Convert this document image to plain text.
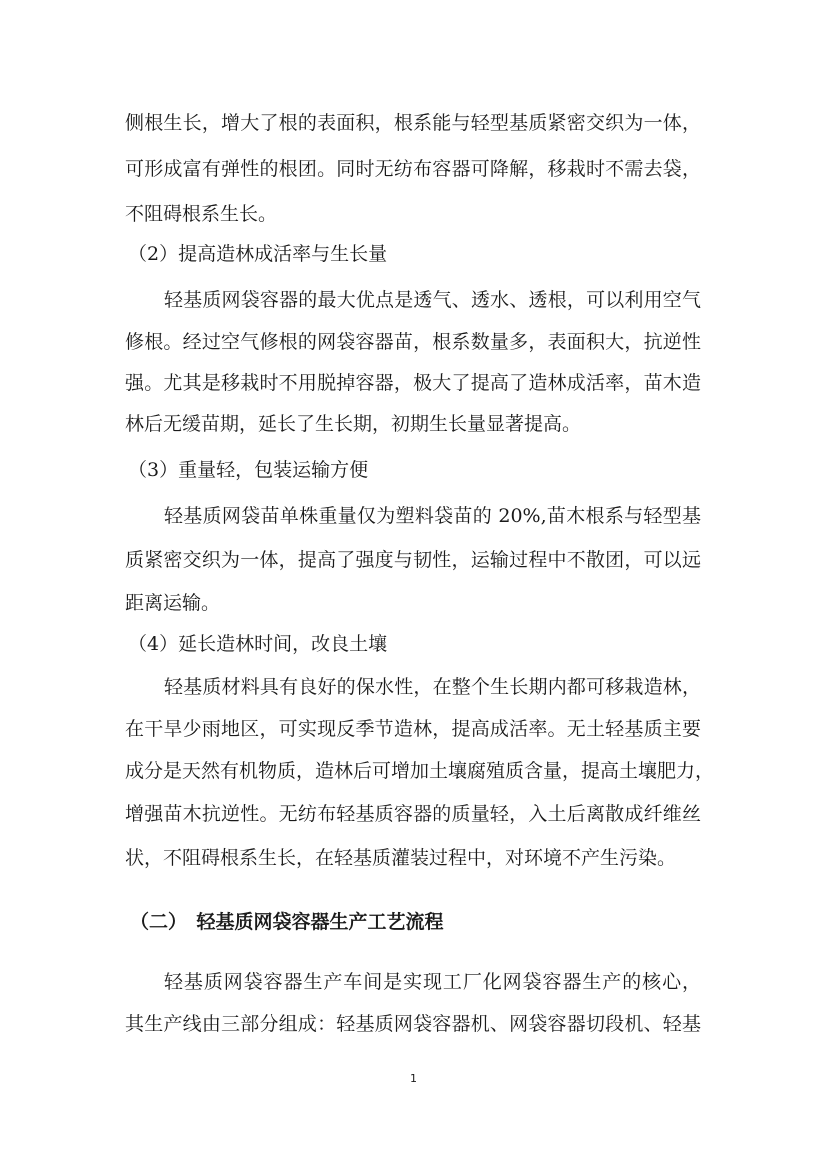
侧根生长，增大了根的表面积，根系能与轻型基质紧密交织为一体，
可形成富有弹性的根团。同时无纺布容器可降解，移栽时不需去袋，
不阻碍根系生长。
（2）提高造林成活率与生长量
轻基质网袋容器的最大优点是透气、透水、透根，可以利用空气
修根。经过空气修根的网袋容器苗，根系数量多，表面积大，抗逆性
强。尤其是移栽时不用脱掉容器，极大了提高了造林成活率，苗木造
林后无缓苗期，延长了生长期，初期生长量显著提高。
（3）重量轻，包装运输方便
轻基质网袋苗单株重量仅为塑料袋苗的 20%,苗木根系与轻型基
质紧密交织为一体，提高了强度与韧性，运输过程中不散团，可以远
距离运输。
（4）延长造林时间，改良土壤
轻基质材料具有良好的保水性，在整个生长期内都可移栽造林，
在干旱少雨地区，可实现反季节造林，提高成活率。无土轻基质主要
成分是天然有机物质，造林后可增加土壤腐殖质含量，提高土壤肥力，
增强苗木抗逆性。无纺布轻基质容器的质量轻，入土后离散成纤维丝
状，不阻碍根系生长，在轻基质灌装过程中，对环境不产生污染。
（二）　轻基质网袋容器生产工艺流程
轻基质网袋容器生产车间是实现工厂化网袋容器生产的核心，
其生产线由三部分组成：轻基质网袋容器机、网袋容器切段机、轻基
1
